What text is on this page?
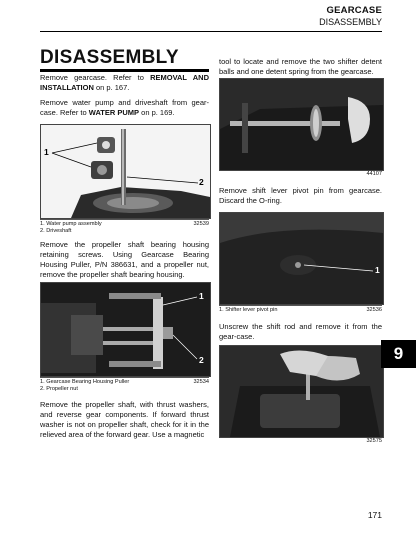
GEARCASE
DISASSEMBLY
DISASSEMBLY
Remove gearcase. Refer to REMOVAL AND INSTALLATION on p. 167.
Remove water pump and driveshaft from gear-case. Refer to WATER PUMP on p. 169.
1
2
1. Water pump assembly
2. Driveshaft
32539
Remove the propeller shaft bearing housing retaining screws. Using Gearcase Bearing Housing Puller, P/N 386631, and a propeller nut, remove the propeller shaft bearing housing.
1
2
1. Gearcase Bearing Housing Puller
2. Propeller nut
32534
Remove the propeller shaft, with thrust washers, and reverse gear components. If forward thrust washer is not on propeller shaft, check for it in the relieved area of the forward gear. Use a magnetic
tool to locate and remove the two shifter detent balls and one detent spring from the gearcase.
44107
Remove shift lever pivot pin from gearcase. Discard the O-ring.
1
1. Shifter lever pivot pin	32536
Unscrew the shift rod and remove it from the gear-case.
32575
9
171
